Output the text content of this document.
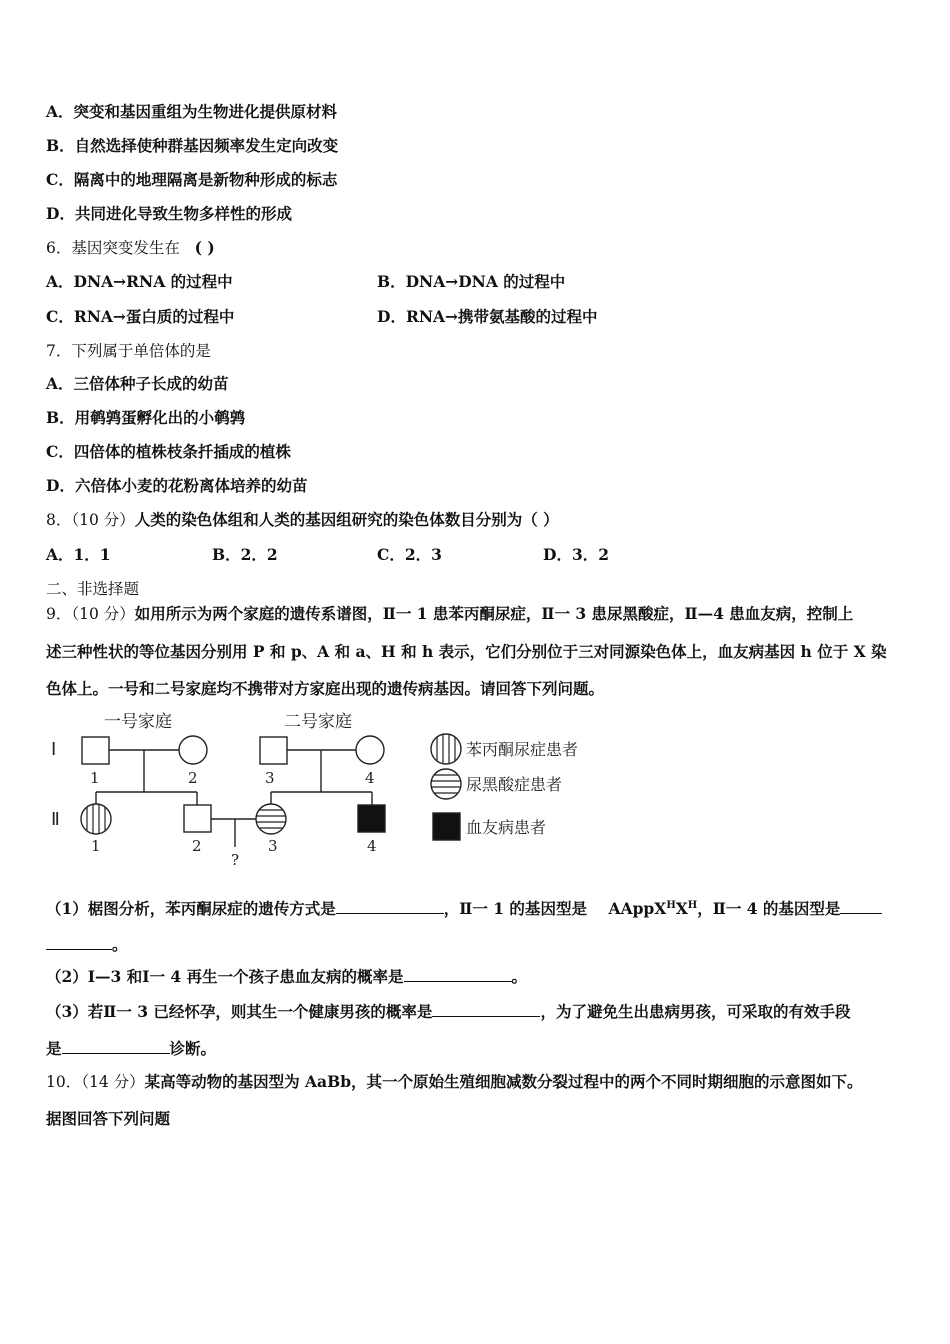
A．突变和基因重组为生物进化提供原材料
B．自然选择使种群基因频率发生定向改变
C．隔离中的地理隔离是新物种形成的标志
D．共同进化导致生物多样性的形成
6．基因突变发生在 ( )
A．DNA→RNA 的过程中	B．DNA→DNA 的过程中
C．RNA→蛋白质的过程中	D．RNA→携带氨基酸的过程中
7．下列属于单倍体的是
A．三倍体种子长成的幼苗
B．用鹌鹑蛋孵化出的小鹌鹑
C．四倍体的植株枝条扦插成的植株
D．六倍体小麦的花粉离体培养的幼苗
8．（10 分）人类的染色体组和人类的基因组研究的染色体数目分别为（ ）
A．1．1	B．2．2	C．2．3	D．3．2
二、非选择题
9．（10 分）如用所示为两个家庭的遗传系谱图，Ⅱ一 1 患苯丙酮尿症，Ⅱ一 3 患尿黑酸症，Ⅱ—4 患血友病，控制上
述三种性状的等位基因分别用 P 和 p、A 和 a、H 和 h 表示，它们分别位于三对同源染色体上，血友病基因 h 位于 X 染
色体上。一号和二号家庭均不携带对方家庭出现的遗传病基因。请回答下列问题。
一号家庭	二号家庭
Ⅰ
Ⅱ
1	2	3	4
1	2	3	4
?
苯丙酮尿症患者
尿黑酸症患者
血友病患者
（1）椐图分析，苯丙酮尿症的遗传方式是	，Ⅱ一 1 的基因型是 $AAppX^HX^H$，Ⅱ一 4 的基因型是
。
（2）Ⅰ—3 和Ⅰ一 4 再生一个孩子患血友病的概率是	。
（3）若Ⅱ一 3 已经怀孕，则其生一个健康男孩的概率是	，为了避免生出患病男孩，可采取的有效手段
是	诊断。
10．（14 分）某高等动物的基因型为 AaBb，其一个原始生殖细胞减数分裂过程中的两个不同时期细胞的示意图如下。
据图回答下列问题
